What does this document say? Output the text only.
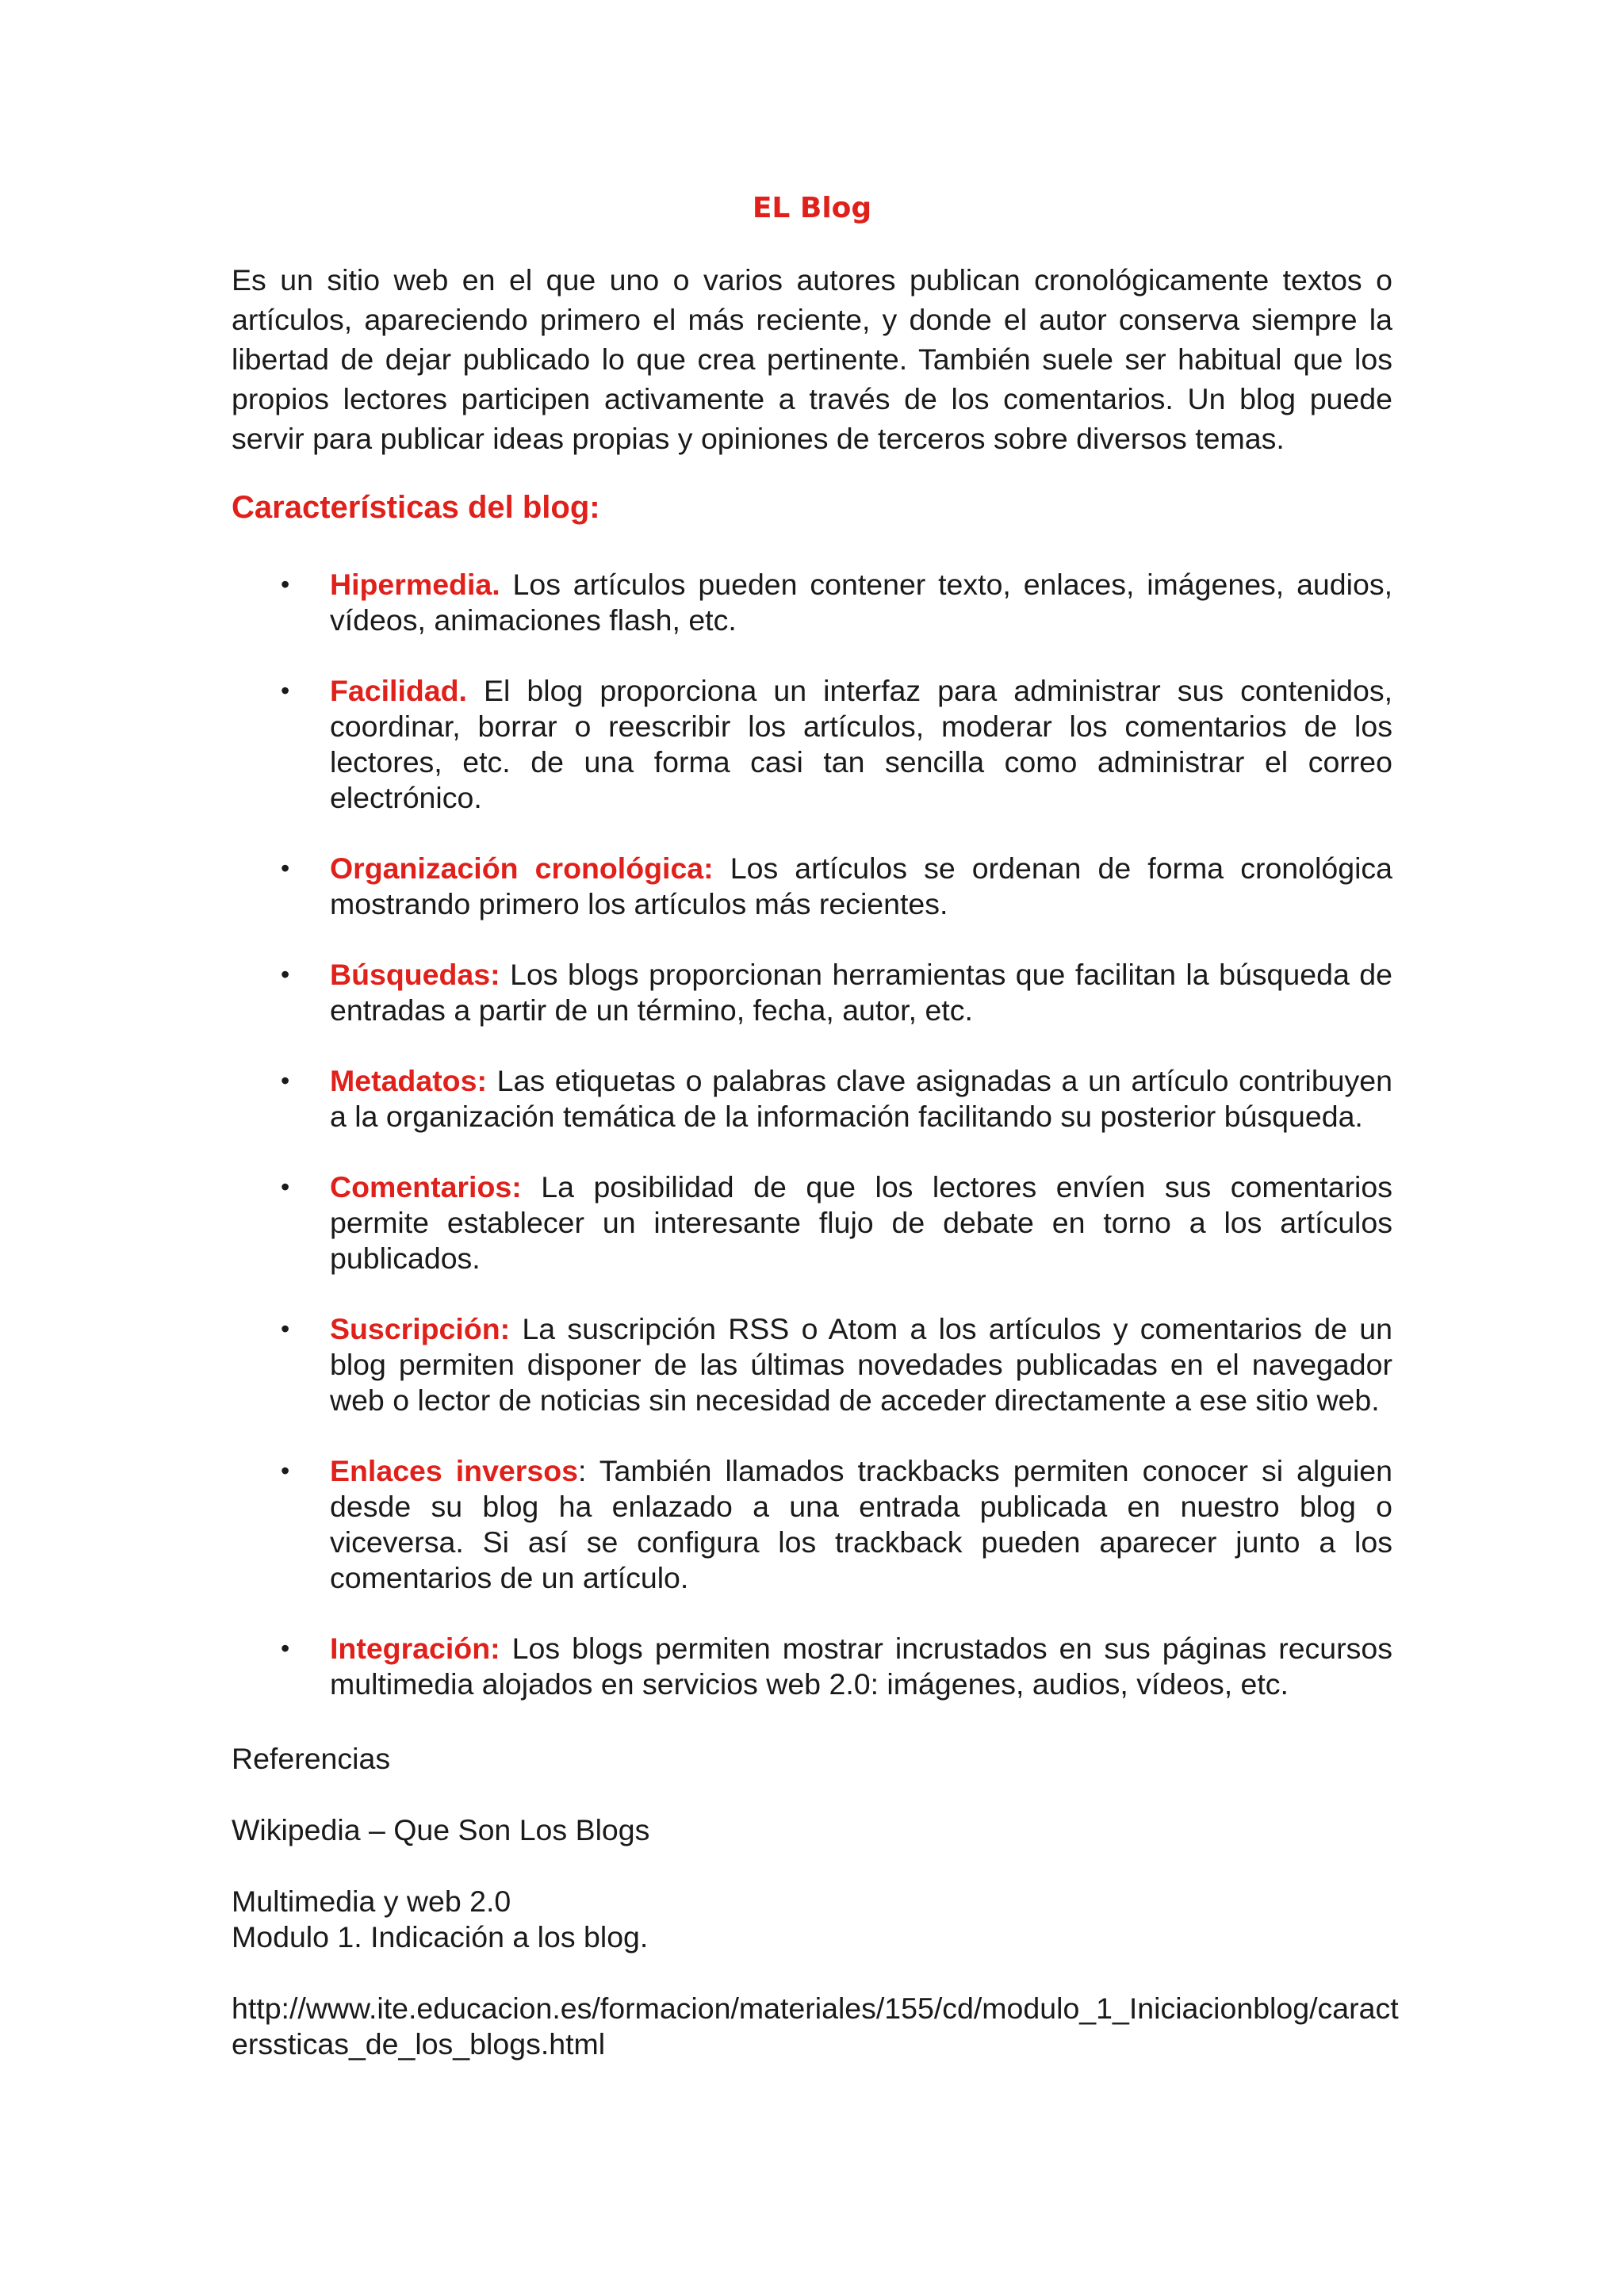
EL Blog

Es un sitio web en el que uno o varios autores publican cronológicamente textos o artículos, apareciendo primero el más reciente, y donde el autor conserva siempre la libertad de dejar publicado lo que crea pertinente. También suele ser habitual que los propios lectores participen activamente a través de los comentarios. Un blog puede servir para publicar ideas propias y opiniones de terceros sobre diversos temas.

Características del blog:
• Hipermedia. Los artículos pueden contener texto, enlaces, imágenes, audios, vídeos, animaciones flash, etc.
• Facilidad. El blog proporciona un interfaz para administrar sus contenidos, coordinar, borrar o reescribir los artículos, moderar los comentarios de los lectores, etc. de una forma casi tan sencilla como administrar el correo electrónico.
• Organización cronológica: Los artículos se ordenan de forma cronológica mostrando primero los artículos más recientes.
• Búsquedas: Los blogs proporcionan herramientas que facilitan la búsqueda de entradas a partir de un término, fecha, autor, etc.
• Metadatos: Las etiquetas o palabras clave asignadas a un artículo contribuyen a la organización temática de la información facilitando su posterior búsqueda.
• Comentarios: La posibilidad de que los lectores envíen sus comentarios permite establecer un interesante flujo de debate en torno a los artículos publicados.
• Suscripción: La suscripción RSS o Atom a los artículos y comentarios de un blog permiten disponer de las últimas novedades publicadas en el navegador web o lector de noticias sin necesidad de acceder directamente a ese sitio web.
• Enlaces inversos: También llamados trackbacks permiten conocer si alguien desde su blog ha enlazado a una entrada publicada en nuestro blog o viceversa. Si así se configura los trackback pueden aparecer junto a los comentarios de un artículo.
• Integración: Los blogs permiten mostrar incrustados en sus páginas recursos multimedia alojados en servicios web 2.0: imágenes, audios, vídeos, etc.

Referencias

Wikipedia – Que Son Los Blogs

Multimedia y web 2.0

Modulo 1. Indicación a los blog.

http://www.ite.educacion.es/formacion/materiales/155/cd/modulo_1_Iniciacionblog/caracterssticas_de_los_blogs.html
